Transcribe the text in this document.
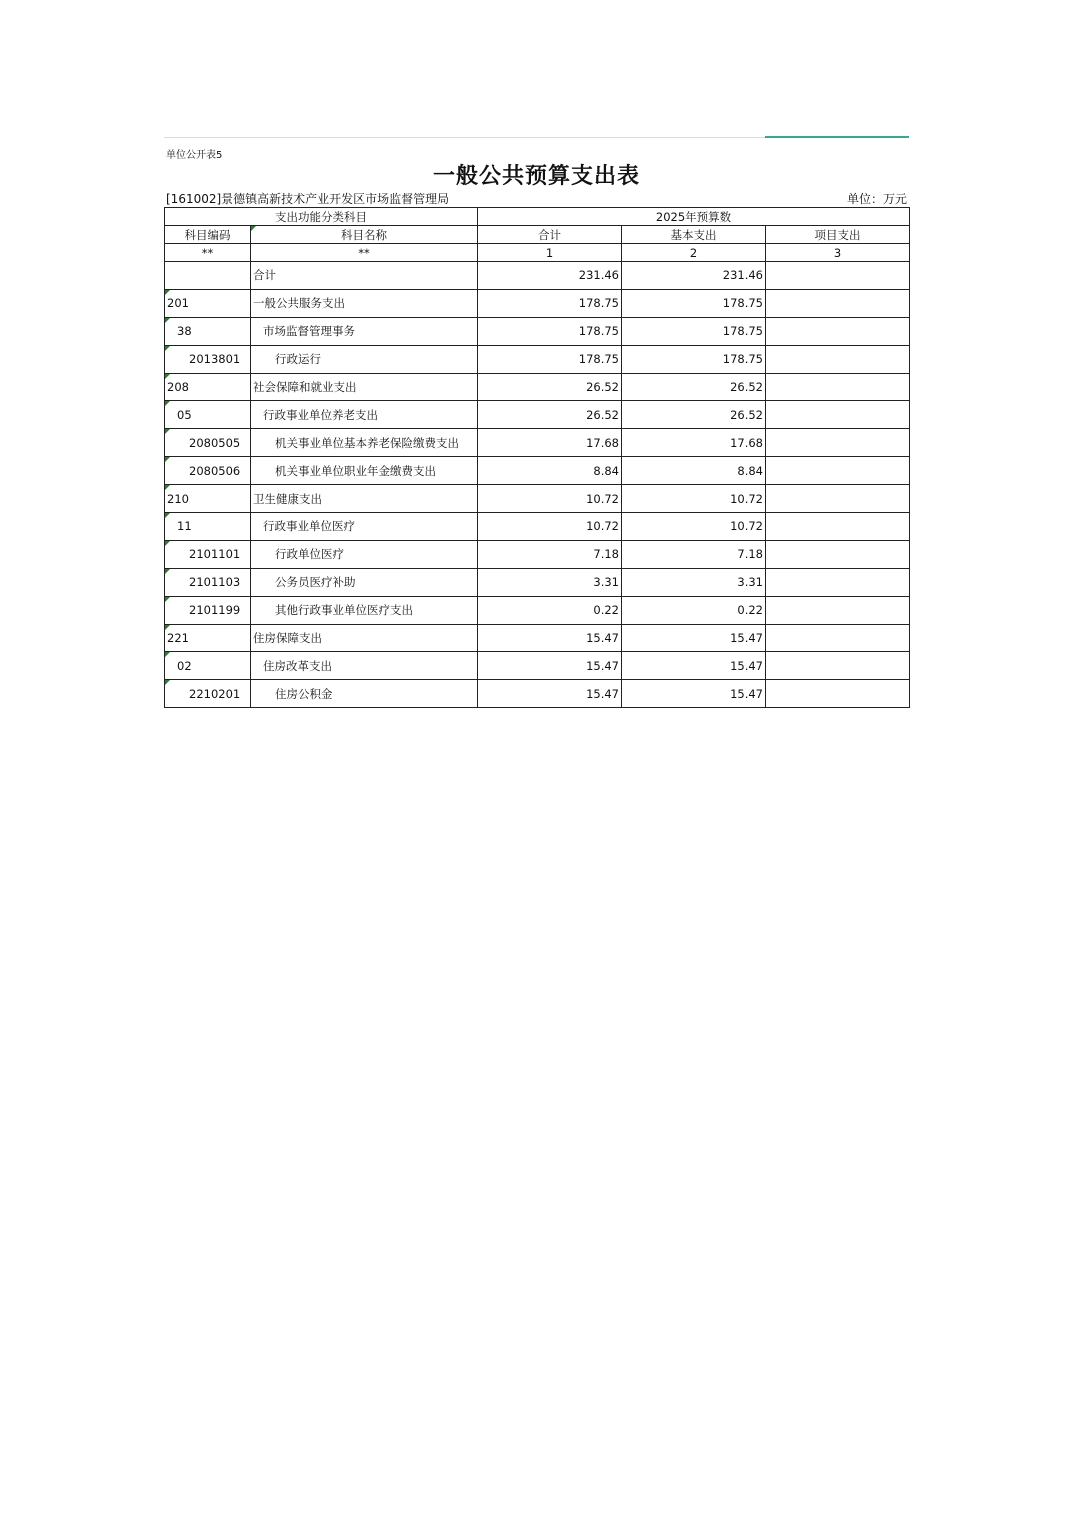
单位公开表5
一般公共预算支出表
[161002]景德镇高新技术产业开发区市场监督管理局	单位：万元
支出功能分类科目		2025年预算数		
科目编码	科目名称	合计	基本支出	项目支出
**	**	1	2	3
	合计	231.46	231.46	

201	一般公共服务支出	178.75	178.75	

38	市场监督管理事务	178.75	178.75	

2013801	行政运行	178.75	178.75	

208	社会保障和就业支出	26.52	26.52	

05	行政事业单位养老支出	26.52	26.52	

2080505	机关事业单位基本养老保险缴费支出	17.68	17.68	

2080506	机关事业单位职业年金缴费支出	8.84	8.84	

210	卫生健康支出	10.72	10.72	

11	行政事业单位医疗	10.72	10.72	

2101101	行政单位医疗	7.18	7.18	

2101103	公务员医疗补助	3.31	3.31	

2101199	其他行政事业单位医疗支出	0.22	0.22	

221	住房保障支出	15.47	15.47	

02	住房改革支出	15.47	15.47	

2210201	住房公积金	15.47	15.47	
